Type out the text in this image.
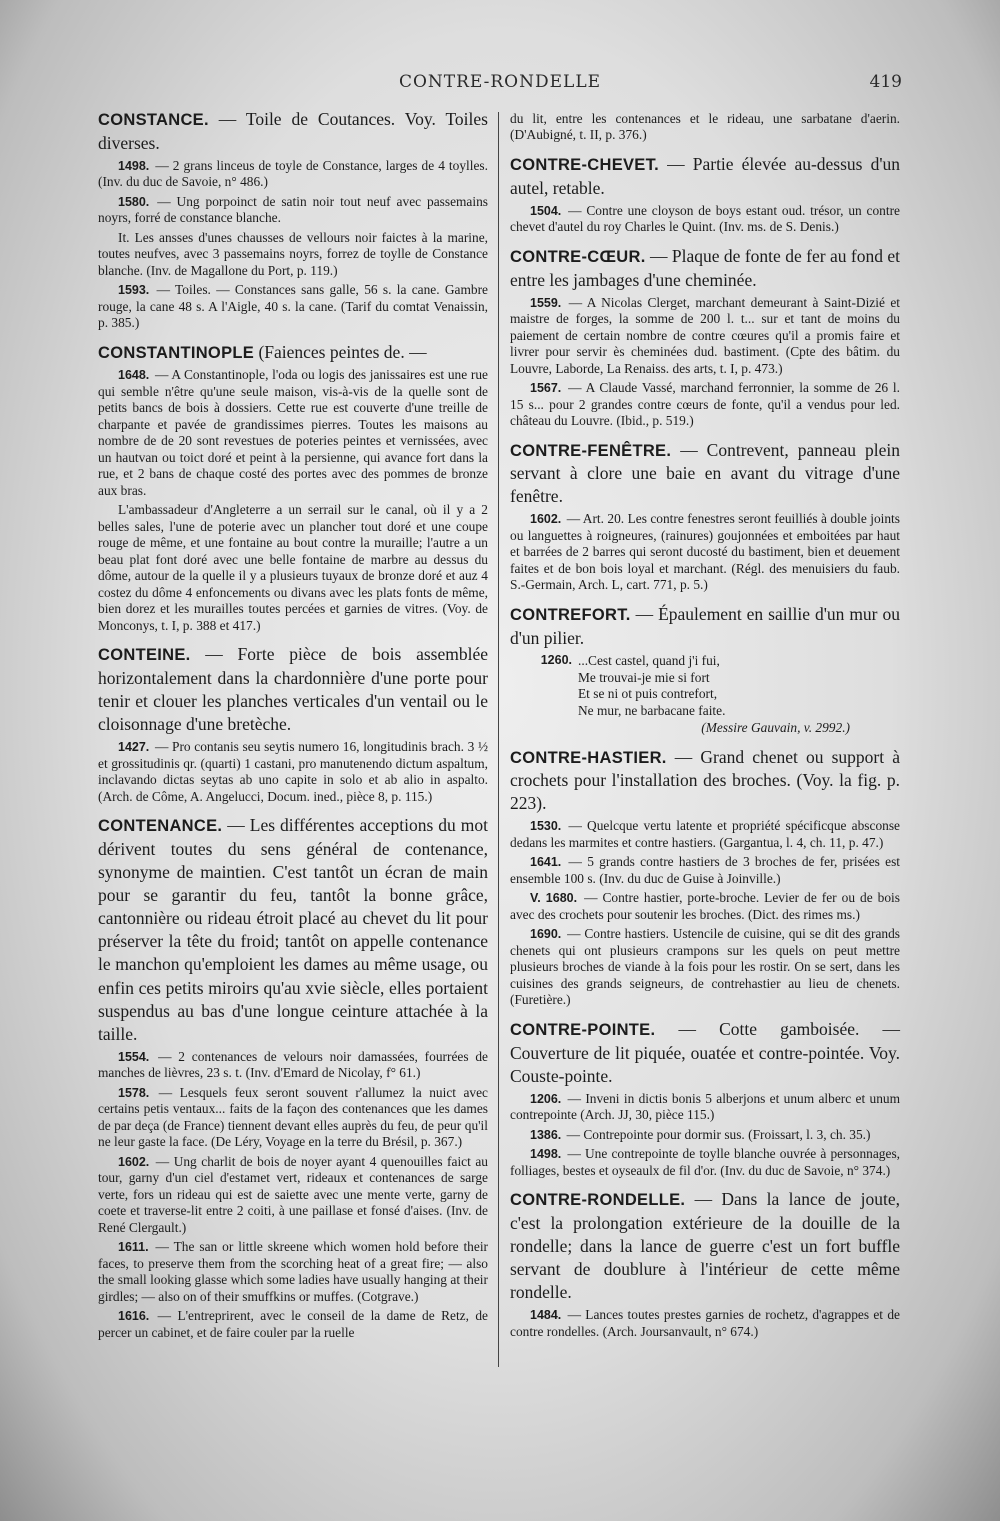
CONTRE-RONDELLE	419

CONSTANCE. — Toile de Coutances. Voy. Toiles diverses.

1498. — 2 grans linceus de toyle de Constance, larges de 4 toylles. (Inv. du duc de Savoie, n° 486.)

1580. — Ung porpoinct de satin noir tout neuf avec passemains noyrs, forré de constance blanche.

It. Les ansses d'unes chausses de vellours noir faictes à la marine, toutes neufves, avec 3 passemains noyrs, forrez de toylle de Constance blanche. (Inv. de Magallone du Port, p. 119.)

1593. — Toiles. — Constances sans galle, 56 s. la cane. Gambre rouge, la cane 48 s. A l'Aigle, 40 s. la cane. (Tarif du comtat Venaissin, p. 385.)

CONSTANTINOPLE (Faiences peintes de. —

1648. — A Constantinople, l'oda ou logis des janissaires est une rue qui semble n'être qu'une seule maison, vis-à-vis de la quelle sont de petits bancs de bois à dossiers. Cette rue est couverte d'une treille de charpante et pavée de grandissimes pierres. Toutes les maisons au nombre de de 20 sont revestues de poteries peintes et vernissées, avec un hautvan ou toict doré et peint à la persienne, qui avance fort dans la rue, et 2 bans de chaque costé des portes avec des pommes de bronze aux bras.

L'ambassadeur d'Angleterre a un serrail sur le canal, où il y a 2 belles sales, l'une de poterie avec un plancher tout doré et une coupe rouge de même, et une fontaine au bout contre la muraille; l'autre a un beau plat font doré avec une belle fontaine de marbre au dessus du dôme, autour de la quelle il y a plusieurs tuyaux de bronze doré et auz 4 costez du dôme 4 enfoncements ou divans avec les plats fonts de même, bien dorez et les murailles toutes percées et garnies de vitres. (Voy. de Monconys, t. I, p. 388 et 417.)

CONTEINE. — Forte pièce de bois assemblée horizontalement dans la chardonnière d'une porte pour tenir et clouer les planches verticales d'un ventail ou le cloisonnage d'une bretèche.

1427. — Pro contanis seu seytis numero 16, longitudinis brach. 3 ½ et grossitudinis qr. (quarti) 1 castani, pro manutenendo dictum aspaltum, inclavando dictas seytas ab uno capite in solo et ab alio in aspalto. (Arch. de Côme, A. Angelucci, Docum. ined., pièce 8, p. 115.)

CONTENANCE. — Les différentes acceptions du mot dérivent toutes du sens général de contenance, synonyme de maintien. C'est tantôt un écran de main pour se garantir du feu, tantôt la bonne grâce, cantonnière ou rideau étroit placé au chevet du lit pour préserver la tête du froid; tantôt on appelle contenance le manchon qu'emploient les dames au même usage, ou enfin ces petits miroirs qu'au xvie siècle, elles portaient suspendus au bas d'une longue ceinture attachée à la taille.

1554. — 2 contenances de velours noir damassées, fourrées de manches de lièvres, 23 s. t. (Inv. d'Emard de Nicolay, f° 61.)

1578. — Lesquels feux seront souvent r'allumez la nuict avec certains petis ventaux... faits de la façon des contenances que les dames de par deça (de France) tiennent devant elles auprès du feu, de peur qu'il ne leur gaste la face. (De Léry, Voyage en la terre du Brésil, p. 367.)

1602. — Ung charlit de bois de noyer ayant 4 quenouilles faict au tour, garny d'un ciel d'estamet vert, rideaux et contenances de sarge verte, fors un rideau qui est de saiette avec une mente verte, garny de coete et traverse-lit entre 2 coiti, à une paillase et fonsé d'aises. (Inv. de René Clergault.)

1611. — The san or little skreene which women hold before their faces, to preserve them from the scorching heat of a great fire; — also the small looking glasse which some ladies have usually hanging at their girdles; — also on of their smuffkins or muffes. (Cotgrave.)

1616. — L'entreprirent, avec le conseil de la dame de Retz, de percer un cabinet, et de faire couler par la ruelle

du lit, entre les contenances et le rideau, une sarbatane d'aerin. (D'Aubigné, t. II, p. 376.)

CONTRE-CHEVET. — Partie élevée au-dessus d'un autel, retable.

1504. — Contre une cloyson de boys estant oud. trésor, un contre chevet d'autel du roy Charles le Quint. (Inv. ms. de S. Denis.)

CONTRE-CŒUR. — Plaque de fonte de fer au fond et entre les jambages d'une cheminée.

1559. — A Nicolas Clerget, marchant demeurant à Saint-Dizié et maistre de forges, la somme de 200 l. t... sur et tant de moins du paiement de certain nombre de contre cœures qu'il a promis faire et livrer pour servir ès cheminées dud. bastiment. (Cpte des bâtim. du Louvre, Laborde, La Renaiss. des arts, t. I, p. 473.)

1567. — A Claude Vassé, marchand ferronnier, la somme de 26 l. 15 s... pour 2 grandes contre cœurs de fonte, qu'il a vendus pour led. château du Louvre. (Ibid., p. 519.)

CONTRE-FENÊTRE. — Contrevent, panneau plein servant à clore une baie en avant du vitrage d'une fenêtre.

1602. — Art. 20. Les contre fenestres seront feuilliés à double joints ou languettes à roigneures, (rainures) goujonnées et emboitées par haut et barrées de 2 barres qui seront ducosté du bastiment, bien et deuement faites et de bon bois loyal et marchant. (Régl. des menuisiers du faub. S.-Germain, Arch. L, cart. 771, p. 5.)

CONTREFORT. — Épaulement en saillie d'un mur ou d'un pilier.

1260. ...Cest castel, quand j'i fui,
Me trouvai-je mie si fort
Et se ni ot puis contrefort,
Ne mur, ne barbacane faite.
(Messire Gauvain, v. 2992.)

CONTRE-HASTIER. — Grand chenet ou support à crochets pour l'installation des broches. (Voy. la fig. p. 223).

1530. — Quelcque vertu latente et propriété spécificque absconse dedans les marmites et contre hastiers. (Gargantua, l. 4, ch. 11, p. 47.)

1641. — 5 grands contre hastiers de 3 broches de fer, prisées est ensemble 100 s. (Inv. du duc de Guise à Joinville.)

V. 1680. — Contre hastier, porte-broche. Levier de fer ou de bois avec des crochets pour soutenir les broches. (Dict. des rimes ms.)

1690. — Contre hastiers. Ustencile de cuisine, qui se dit des grands chenets qui ont plusieurs crampons sur les quels on peut mettre plusieurs broches de viande à la fois pour les rostir. On se sert, dans les cuisines des grands seigneurs, de contrehastier au lieu de chenets. (Furetière.)

CONTRE-POINTE. — Cotte gamboisée. — Couverture de lit piquée, ouatée et contre-pointée. Voy. Couste-pointe.

1206. — Inveni in dictis bonis 5 alberjons et unum alberc et unum contrepointe (Arch. JJ, 30, pièce 115.)

1386. — Contrepointe pour dormir sus. (Froissart, l. 3, ch. 35.)

1498. — Une contrepointe de toylle blanche ouvrée à personnages, folliages, bestes et oyseaulx de fil d'or. (Inv. du duc de Savoie, n° 374.)

CONTRE-RONDELLE. — Dans la lance de joute, c'est la prolongation extérieure de la douille de la rondelle; dans la lance de guerre c'est un fort buffle servant de doublure à l'intérieur de cette même rondelle.

1484. — Lances toutes prestes garnies de rochetz, d'agrappes et de contre rondelles. (Arch. Joursanvault, n° 674.)
